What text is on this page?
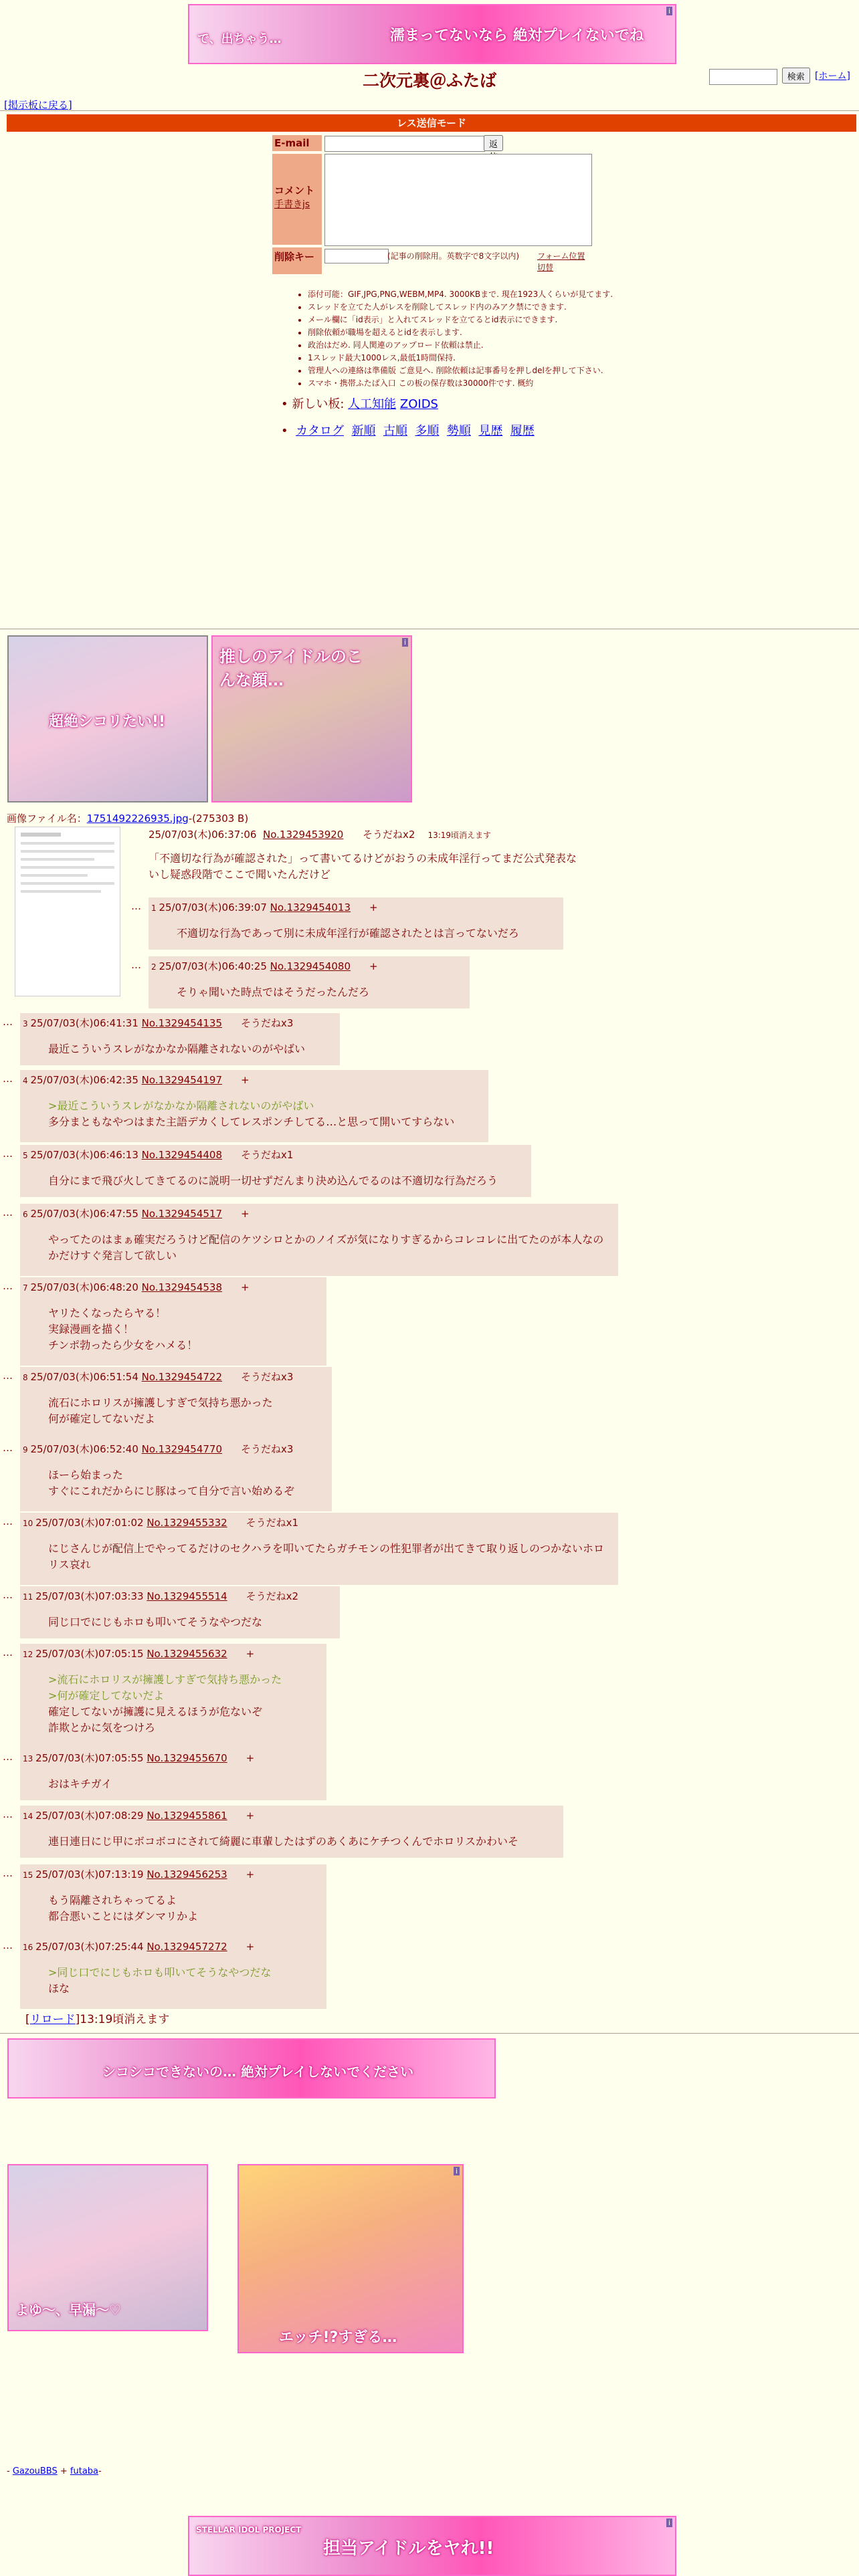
i
で、出ちゃう…	濡まってないなら 絶対プレイないでね
二次元裏＠ふたば	検索	[ホーム]
[掲示板に戻る]
レス送信モード
E-mail	返
コメント
手書きjs
削除キー	(記事の削除用。英数字で8文字以内) フォーム位置切替
• 添付可能：GIF,JPG,PNG,WEBM,MP4. 3000KBまで. 現在1923人くらいが見てます.
• スレッドを立てた人がレスを削除してスレッド内のみアク禁にできます.
• メール欄に「id表示」と入れてスレッドを立てるとid表示にできます.
• 削除依頼が職場を超えるとidを表示します.
• 政治はだめ. 同人関連のアップロード依頼は禁止.
• 1スレッド最大1000レス,最低1時間保持.
• 管理人への連絡は準備版 ご意見へ. 削除依頼は記事番号を押しdelを押して下さい.
• スマホ・携帯ふたば入口 この板の保存数は30000件です. 概約
• 新しい板: 人工知能 ZOIDS
•  カタログ 新順 古順 多順 勢順 見歴 履歴
超絶シコリたい!!
i
推しのアイドルのこんな顔…
画像ファイル名：1751492226935.jpg-(275303 B)
25/07/03(木)06:37:06 No.1329453920 そうだねx2 13:19頃消えます
「不適切な行為が確認された」って書いてるけどがおうの未成年淫行ってまだ公式発表ないし疑惑段階でここで聞いたんだけど
… 1 25/07/03(木)06:39:07 No.1329454013 +
不適切な行為であって別に未成年淫行が確認されたとは言ってないだろ
… 2 25/07/03(木)06:40:25 No.1329454080 +
そりゃ聞いた時点ではそうだったんだろ
… 3 25/07/03(木)06:41:31 No.1329454135 そうだねx3
最近こういうスレがなかなか隔離されないのがやばい
… 4 25/07/03(木)06:42:35 No.1329454197 +
>最近こういうスレがなかなか隔離されないのがやばい
多分まともなやつはまた主語デカくしてレスポンチしてる…と思って開いてすらない
… 5 25/07/03(木)06:46:13 No.1329454408 そうだねx1
自分にまで飛び火してきてるのに説明一切せずだんまり決め込んでるのは不適切な行為だろう
… 6 25/07/03(木)06:47:55 No.1329454517 +
やってたのはまぁ確実だろうけど配信のケツシロとかのノイズが気になりすぎるからコレコレに出てたのが本人なのかだけすぐ発言して欲しい
… 7 25/07/03(木)06:48:20 No.1329454538 +
ヤリたくなったらヤる！
実録漫画を描く！
チンポ勃ったら少女をハメる！
… 8 25/07/03(木)06:51:54 No.1329454722 そうだねx3
流石にホロリスが擁護しすぎで気持ち悪かった
何が確定してないだよ
… 9 25/07/03(木)06:52:40 No.1329454770 そうだねx3
ほーら始まった
すぐにこれだからにじ豚はって自分で言い始めるぞ
… 10 25/07/03(木)07:01:02 No.1329455332 そうだねx1
にじさんじが配信上でやってるだけのセクハラを叩いてたらガチモンの性犯罪者が出てきて取り返しのつかないホロリス哀れ
… 11 25/07/03(木)07:03:33 No.1329455514 そうだねx2
同じ口でにじもホロも叩いてそうなやつだな
… 12 25/07/03(木)07:05:15 No.1329455632 +
>流石にホロリスが擁護しすぎで気持ち悪かった
>何が確定してないだよ
確定してないが擁護に見えるほうが危ないぞ
詐欺とかに気をつけろ
… 13 25/07/03(木)07:05:55 No.1329455670 +
おはキチガイ
… 14 25/07/03(木)07:08:29 No.1329455861 +
連日連日にじ甲にボコボコにされて綺麗に車輩したはずのあくあにケチつくんでホロリスかわいそ
… 15 25/07/03(木)07:13:19 No.1329456253 +
もう隔離されちゃってるよ
都合悪いことにはダンマリかよ
… 16 25/07/03(木)07:25:44 No.1329457272 +
>同じ口でにじもホロも叩いてそうなやつだな
ほな
[リロード]13:19頃消えます
シコシコできないの… 絶対プレイしないでください
よゆ〜、早漏～♡
i
エッチ!?すぎる…
- GazouBBS + futaba-
i
STELLAR IDOL PROJECT
担当アイドルをヤれ!!
